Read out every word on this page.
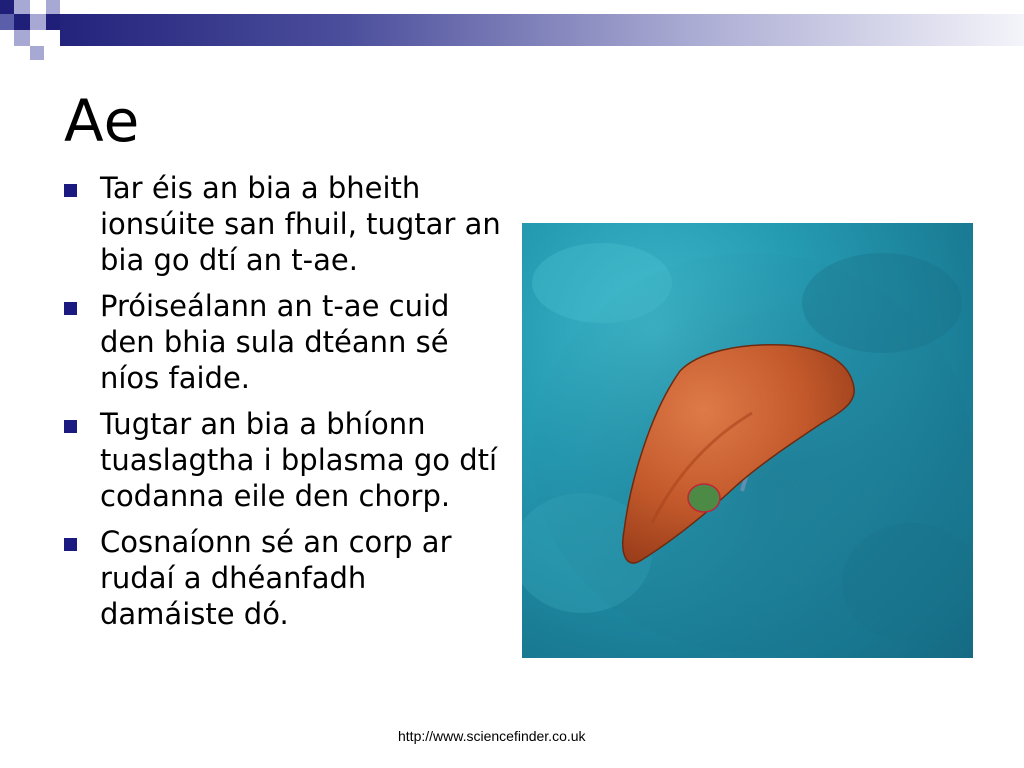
Ae
Tar éis an bia a bheith ionsúite san fhuil, tugtar an bia go dtí an t-ae.
Próiseálann an t-ae cuid den bhia sula dtéann sé níos faide.
Tugtar an bia a bhíonn tuaslagtha i bplasma go dtí codanna eile den chorp.
Cosnaíonn sé an corp ar rudaí a dhéanfadh damáiste dó.
http://www.sciencefinder.co.uk
